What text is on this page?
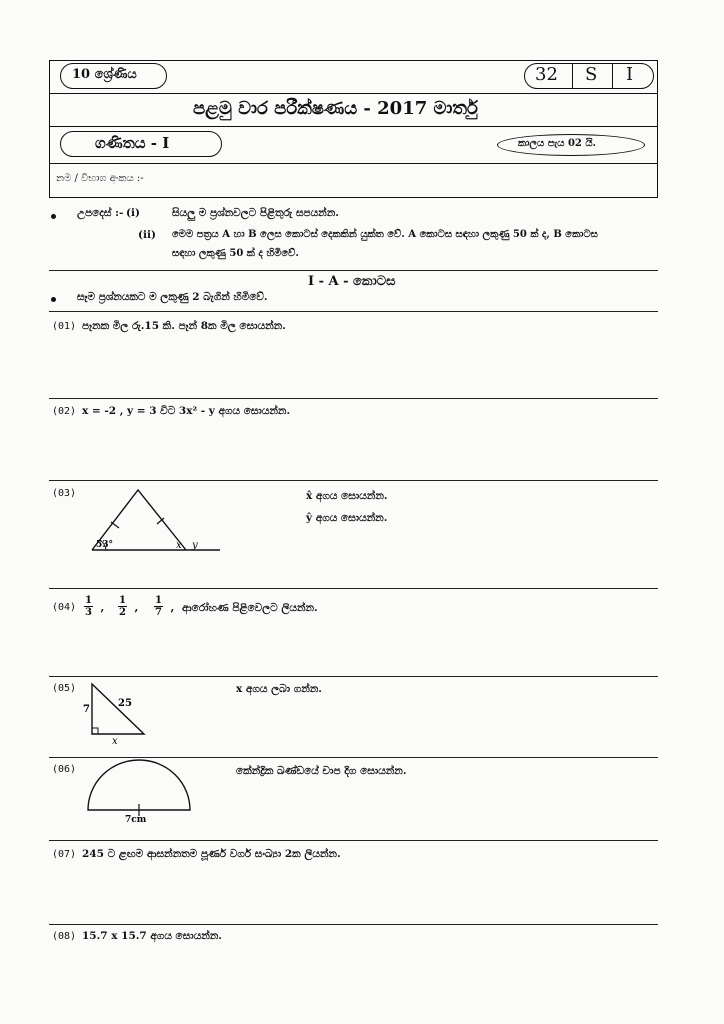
10 ශ්‍රේණිය	32 S I
පළමු වාර පරීක්ෂණය - 2017 මාර්තු
ගණිතය - I	කාලය පැය 02 යි.
නම / විභාග අංකය :-
උපදෙස් :- (i)	සියලු ම ප්‍රශ්නවලට පිළිතුරු සපයන්න.
(ii) මෙම පත්‍රය A හා B ලෙස කොටස් දෙකකින් යුක්ත වේ. A කොටස සඳහා ලකුණු 50 ක් ද, B කොටස
සඳහා ලකුණු 50 ක් ද හිමිවේ.
I - A - කොටස
සෑම ප්‍රශ්නයකට ම ලකුණු 2 බැගින් හිමිවේ.
(01) පෑනක මිල රු.15 කි. පෑන් 8ක මිල සොයන්න.
(02) x = -2 , y = 3 විට 3x² - y අගය සොයන්න.
(03)
53°	x y
x̂ අගය සොයන්න.
ŷ අගය සොයන්න.
$(04) \frac{1}{3}$ , $\frac{1}{2}$ , $\frac{1}{7}$ , ආරෝහණ පිළිවෙලට ලියන්න.
(05)
7
25
x
x අගය ලබා ගන්න.
(06)
7cm
කේන්ද්‍රික ඛණ්ඩයේ චාප දිග සොයන්න.
(07) 245 ට ළඟම ආසන්නතම පූර්ණ වර්ග සංඛ්‍යා 2ක ලියන්න.
(08) 15.7 x 15.7 අගය සොයන්න.
